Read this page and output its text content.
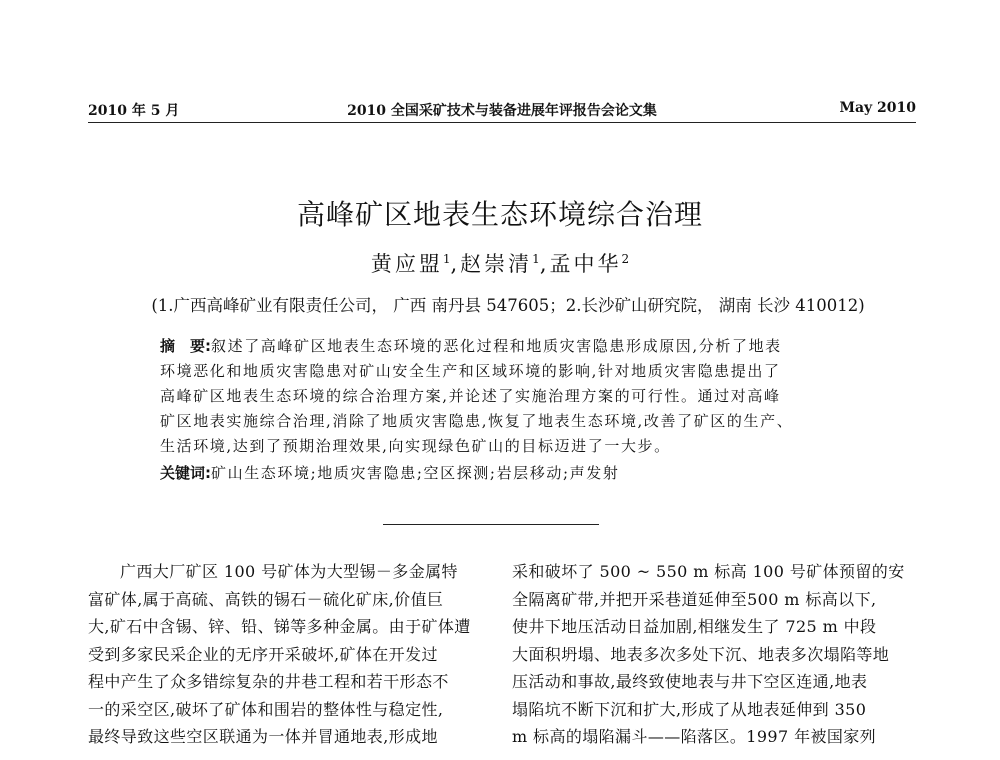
2010 年 5 月	2010 全国采矿技术与装备进展年评报告会论文集	May 2010
高峰矿区地表生态环境综合治理
黄应盟$^1$,赵崇清$^1$,孟中华$^2$
(1.广西高峰矿业有限责任公司， 广西 南丹县 547605；2.长沙矿山研究院， 湖南 长沙 410012)
摘　要:叙述了高峰矿区地表生态环境的恶化过程和地质灾害隐患形成原因,分析了地表
环境恶化和地质灾害隐患对矿山安全生产和区域环境的影响,针对地质灾害隐患提出了
高峰矿区地表生态环境的综合治理方案,并论述了实施治理方案的可行性。通过对高峰
矿区地表实施综合治理,消除了地质灾害隐患,恢复了地表生态环境,改善了矿区的生产、
生活环境,达到了预期治理效果,向实现绿色矿山的目标迈进了一大步。
关键词:矿山生态环境;地质灾害隐患;空区探测;岩层移动;声发射
广西大厂矿区 100 号矿体为大型锡－多金属特
富矿体,属于高硫、高铁的锡石－硫化矿床,价值巨
大,矿石中含锡、锌、铅、锑等多种金属。由于矿体遭
受到多家民采企业的无序开采破坏,矿体在开发过
程中产生了众多错综复杂的井巷工程和若干形态不
一的采空区,破坏了矿体和围岩的整体性与稳定性,
最终导致这些空区联通为一体并冒通地表,形成地
采和破坏了 500 ~ 550 m 标高 100 号矿体预留的安
全隔离矿带,并把开采巷道延伸至500 m 标高以下,
使井下地压活动日益加剧,相继发生了 725 m 中段
大面积坍塌、地表多次多处下沉、地表多次塌陷等地
压活动和事故,最终致使地表与井下空区连通,地表
塌陷坑不断下沉和扩大,形成了从地表延伸到 350
m 标高的塌陷漏斗——陷落区。1997 年被国家列
